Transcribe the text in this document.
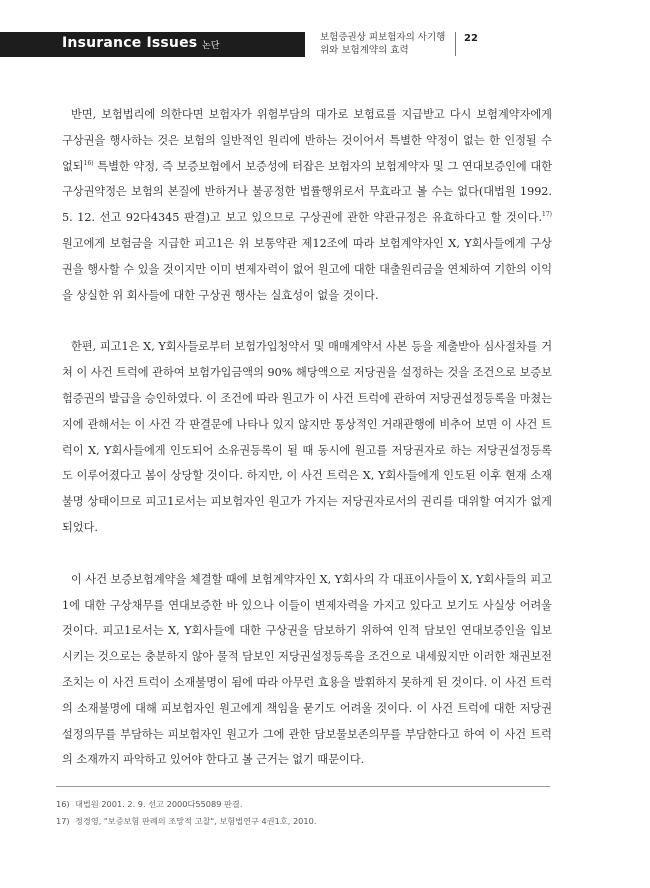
Insurance Issues 논단
보험증권상 피보험자의 사기행위와 보험계약의 효력
22

반면, 보험법리에 의한다면 보험자가 위험부담의 대가로 보험료를 지급받고 다시 보험계약자에게 구상권을 행사하는 것은 보험의 일반적인 원리에 반하는 것이어서 특별한 약정이 없는 한 인정될 수 없되$^{16)}$ 특별한 약정, 즉 보증보험에서 보증성에 터잡은 보험자의 보험계약자 및 그 연대보증인에 대한 구상권약정은 보험의 본질에 반하거나 불공정한 법률행위로서 무효라고 볼 수는 없다(대법원 1992. 5. 12. 선고 92다4345 판결)고 보고 있으므로 구상권에 관한 약관규정은 유효하다고 할 것이다.$^{17)}$ 원고에게 보험금을 지급한 피고1은 위 보통약관 제12조에 따라 보험계약자인 X, Y회사들에게 구상권을 행사할 수 있을 것이지만 이미 변제자력이 없어 원고에 대한 대출원리금을 연체하여 기한의 이익을 상실한 위 회사들에 대한 구상권 행사는 실효성이 없을 것이다.

한편, 피고1은 X, Y회사들로부터 보험가입청약서 및 매매계약서 사본 등을 제출받아 심사절차를 거쳐 이 사건 트럭에 관하여 보험가입금액의 90% 해당액으로 저당권을 설정하는 것을 조건으로 보증보험증권의 발급을 승인하였다. 이 조건에 따라 원고가 이 사건 트럭에 관하여 저당권설정등록을 마쳤는지에 관해서는 이 사건 각 판결문에 나타나 있지 않지만 통상적인 거래관행에 비추어 보면 이 사건 트럭이 X, Y회사들에게 인도되어 소유권등록이 될 때 동시에 원고를 저당권자로 하는 저당권설정등록도 이루어졌다고 봄이 상당할 것이다. 하지만, 이 사건 트럭은 X, Y회사들에게 인도된 이후 현재 소재불명 상태이므로 피고1로서는 피보험자인 원고가 가지는 저당권자로서의 권리를 대위할 여지가 없게 되었다.

이 사건 보증보험계약을 체결할 때에 보험계약자인 X, Y회사의 각 대표이사들이 X, Y회사들의 피고1에 대한 구상채무를 연대보증한 바 있으나 이들이 변제자력을 가지고 있다고 보기도 사실상 어려울 것이다. 피고1로서는 X, Y회사들에 대한 구상권을 담보하기 위하여 인적 담보인 연대보증인을 입보시키는 것으로는 충분하지 않아 물적 담보인 저당권설정등록을 조건으로 내세웠지만 이러한 채권보전조치는 이 사건 트럭이 소재불명이 됨에 따라 아무런 효용을 발휘하지 못하게 된 것이다. 이 사건 트럭의 소재불명에 대해 피보험자인 원고에게 책임을 묻기도 어려울 것이다. 이 사건 트럭에 대한 저당권설정의무를 부담하는 피보험자인 원고가 그에 관한 담보물보존의무를 부담한다고 하여 이 사건 트럭의 소재까지 파악하고 있어야 한다고 볼 근거는 없기 때문이다.

16) 대법원 2001. 2. 9. 선고 2000다55089 판결.
17) 정경영, "보증보험 판례의 조망적 고찰", 보험법연구 4권1호, 2010.
